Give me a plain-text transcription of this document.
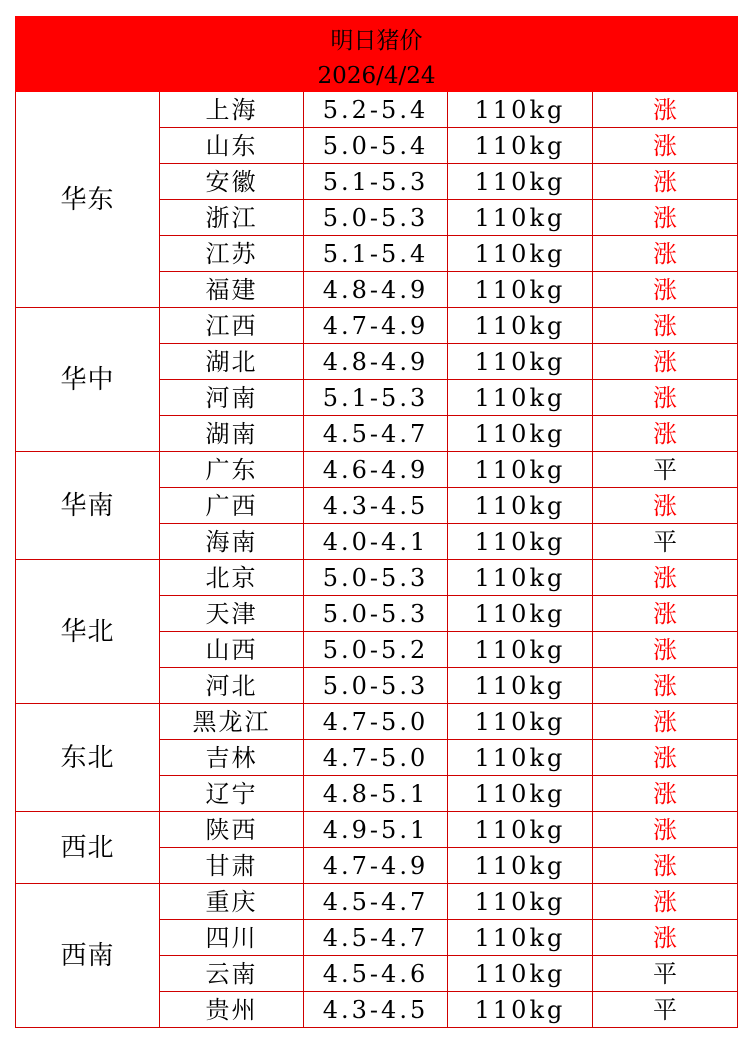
明日猪价				
2026/4/24				
华东	上海	5.2-5.4	110kg	涨
	山东	5.0-5.4	110kg	涨
	安徽	5.1-5.3	110kg	涨
	浙江	5.0-5.3	110kg	涨
	江苏	5.1-5.4	110kg	涨
	福建	4.8-4.9	110kg	涨
华中	江西	4.7-4.9	110kg	涨
	湖北	4.8-4.9	110kg	涨
	河南	5.1-5.3	110kg	涨
	湖南	4.5-4.7	110kg	涨
华南	广东	4.6-4.9	110kg	平
	广西	4.3-4.5	110kg	涨
	海南	4.0-4.1	110kg	平
华北	北京	5.0-5.3	110kg	涨
	天津	5.0-5.3	110kg	涨
	山西	5.0-5.2	110kg	涨
	河北	5.0-5.3	110kg	涨
东北	黑龙江	4.7-5.0	110kg	涨
	吉林	4.7-5.0	110kg	涨
	辽宁	4.8-5.1	110kg	涨
西北	陕西	4.9-5.1	110kg	涨
	甘肃	4.7-4.9	110kg	涨
西南	重庆	4.5-4.7	110kg	涨
	四川	4.5-4.7	110kg	涨
	云南	4.5-4.6	110kg	平
	贵州	4.3-4.5	110kg	平
